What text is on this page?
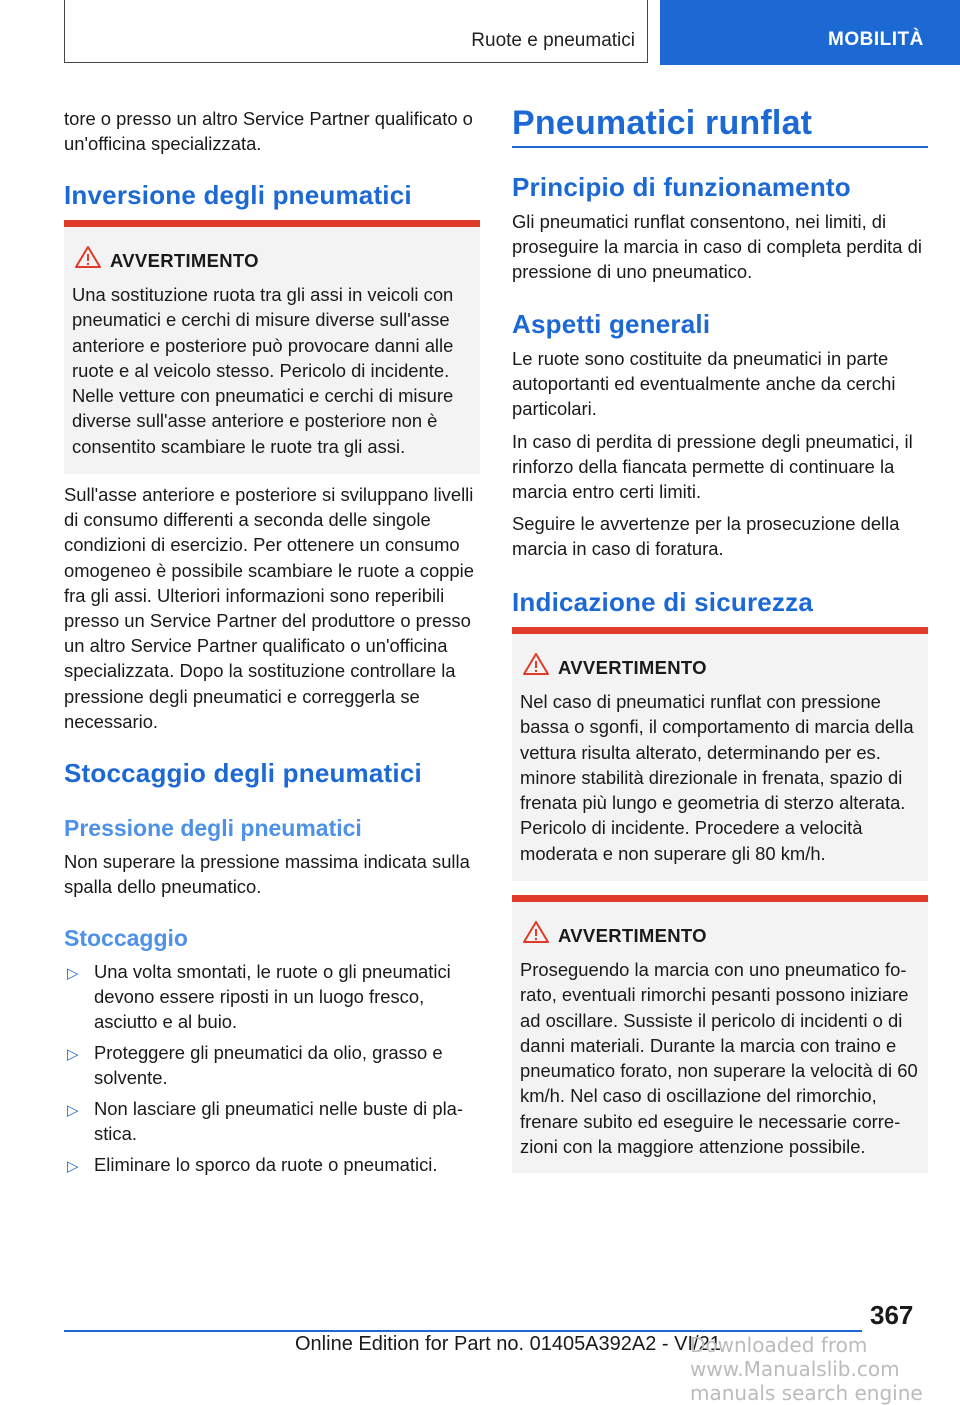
Ruote e pneumatici	MOBILITÀ

tore o presso un altro Service Partner qualificato o un'officina specializzata.

Inversione degli pneumatici
AVVERTIMENTO

Una sostituzione ruota tra gli assi in veicoli con pneumatici e cerchi di misure diverse sull'asse anteriore e posteriore può provocare danni alle ruote e al veicolo stesso. Pericolo di incidente. Nelle vetture con pneumatici e cerchi di misure diverse sull'asse anteriore e posteriore non è consentito scambiare le ruote tra gli assi.

Sull'asse anteriore e posteriore si sviluppano livelli di consumo differenti a seconda delle singole condizioni di esercizio. Per ottenere un consumo omogeneo è possibile scambiare le ruote a coppie fra gli assi. Ulteriori informazioni sono reperibili presso un Service Partner del produttore o presso un altro Service Partner qualificato o un'officina specializzata. Dopo la sostituzione controllare la pressione degli pneumatici e correggerla se necessario.

Stoccaggio degli pneumatici
Pressione degli pneumatici

Non superare la pressione massima indicata sulla spalla dello pneumatico.

Stoccaggio
▷ Una volta smontati, le ruote o gli pneumatici devono essere riposti in un luogo fresco, asciutto e al buio.
▷ Proteggere gli pneumatici da olio, grasso e solvente.
▷ Non lasciare gli pneumatici nelle buste di plastica.
▷ Eliminare lo sporco da ruote o pneumatici.
Pneumatici runflat
Principio di funzionamento

Gli pneumatici runflat consentono, nei limiti, di proseguire la marcia in caso di completa perdita di pressione di uno pneumatico.

Aspetti generali

Le ruote sono costituite da pneumatici in parte autoportanti ed eventualmente anche da cerchi particolari.

In caso di perdita di pressione degli pneumatici, il rinforzo della fiancata permette di continuare la marcia entro certi limiti.

Seguire le avvertenze per la prosecuzione della marcia in caso di foratura.

Indicazione di sicurezza
AVVERTIMENTO

Nel caso di pneumatici runflat con pressione bassa o sgonfi, il comportamento di marcia della vettura risulta alterato, determinando per es. minore stabilità direzionale in frenata, spazio di frenata più lungo e geometria di sterzo alterata. Pericolo di incidente. Procedere a velocità moderata e non superare gli 80 km/h.

AVVERTIMENTO

Proseguendo la marcia con uno pneumatico forato, eventuali rimorchi pesanti possono iniziare ad oscillare. Sussiste il pericolo di incidenti o di danni materiali. Durante la marcia con traino e pneumatico forato, non superare la velocità di 60 km/h. Nel caso di oscillazione del rimorchio, frenare subito ed eseguire le necessarie correzioni con la maggiore attenzione possibile.

367
Online Edition for Part no. 01405A392A2 - VI/21
Downloaded from www.Manualslib.com manuals search engine
